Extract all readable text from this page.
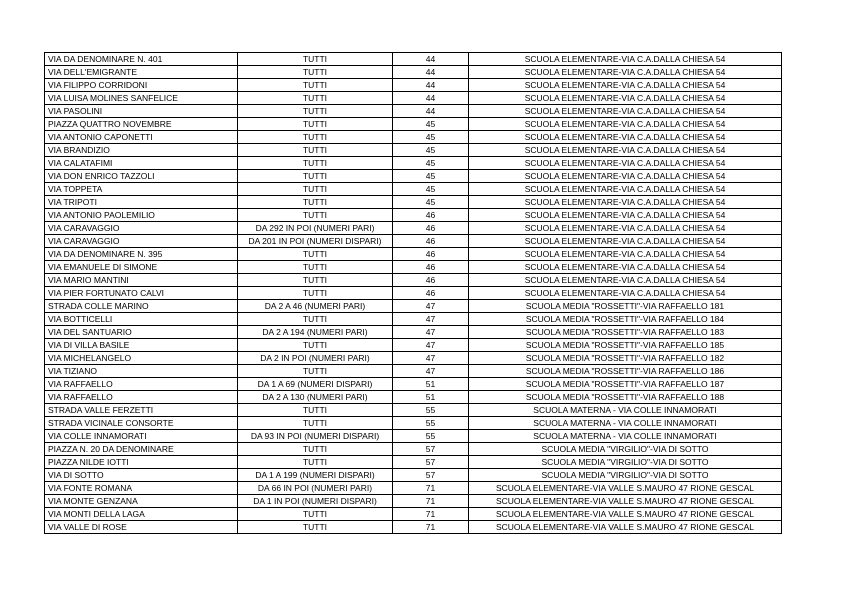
VIA DA DENOMINARE N. 401	TUTTI	44	SCUOLA ELEMENTARE-VIA C.A.DALLA CHIESA 54
VIA DELL'EMIGRANTE	TUTTI	44	SCUOLA ELEMENTARE-VIA C.A.DALLA CHIESA 54
VIA FILIPPO CORRIDONI	TUTTI	44	SCUOLA ELEMENTARE-VIA C.A.DALLA CHIESA 54
VIA LUISA MOLINES SANFELICE	TUTTI	44	SCUOLA ELEMENTARE-VIA C.A.DALLA CHIESA 54
VIA PASOLINI	TUTTI	44	SCUOLA ELEMENTARE-VIA C.A.DALLA CHIESA 54
PIAZZA QUATTRO NOVEMBRE	TUTTI	45	SCUOLA ELEMENTARE-VIA C.A.DALLA CHIESA 54
VIA ANTONIO CAPONETTI	TUTTI	45	SCUOLA ELEMENTARE-VIA C.A.DALLA CHIESA 54
VIA BRANDIZIO	TUTTI	45	SCUOLA ELEMENTARE-VIA C.A.DALLA CHIESA 54
VIA CALATAFIMI	TUTTI	45	SCUOLA ELEMENTARE-VIA C.A.DALLA CHIESA 54
VIA DON ENRICO TAZZOLI	TUTTI	45	SCUOLA ELEMENTARE-VIA C.A.DALLA CHIESA 54
VIA TOPPETA	TUTTI	45	SCUOLA ELEMENTARE-VIA C.A.DALLA CHIESA 54
VIA TRIPOTI	TUTTI	45	SCUOLA ELEMENTARE-VIA C.A.DALLA CHIESA 54
VIA ANTONIO PAOLEMILIO	TUTTI	46	SCUOLA ELEMENTARE-VIA C.A.DALLA CHIESA 54
VIA CARAVAGGIO	DA 292 IN POI (NUMERI PARI)	46	SCUOLA ELEMENTARE-VIA C.A.DALLA CHIESA 54
VIA CARAVAGGIO	DA 201 IN POI (NUMERI DISPARI)	46	SCUOLA ELEMENTARE-VIA C.A.DALLA CHIESA 54
VIA DA DENOMINARE N. 395	TUTTI	46	SCUOLA ELEMENTARE-VIA C.A.DALLA CHIESA 54
VIA EMANUELE DI SIMONE	TUTTI	46	SCUOLA ELEMENTARE-VIA C.A.DALLA CHIESA 54
VIA MARIO MANTINI	TUTTI	46	SCUOLA ELEMENTARE-VIA C.A.DALLA CHIESA 54
VIA PIER FORTUNATO CALVI	TUTTI	46	SCUOLA ELEMENTARE-VIA C.A.DALLA CHIESA 54
STRADA COLLE MARINO	DA 2 A 46 (NUMERI PARI)	47	SCUOLA MEDIA "ROSSETTI"-VIA RAFFAELLO 181
VIA BOTTICELLI	TUTTI	47	SCUOLA MEDIA "ROSSETTI"-VIA RAFFAELLO 184
VIA DEL SANTUARIO	DA 2 A 194 (NUMERI PARI)	47	SCUOLA MEDIA "ROSSETTI"-VIA RAFFAELLO 183
VIA DI VILLA BASILE	TUTTI	47	SCUOLA MEDIA "ROSSETTI"-VIA RAFFAELLO 185
VIA MICHELANGELO	DA 2 IN POI (NUMERI PARI)	47	SCUOLA MEDIA "ROSSETTI"-VIA RAFFAELLO 182
VIA TIZIANO	TUTTI	47	SCUOLA MEDIA "ROSSETTI"-VIA RAFFAELLO 186
VIA RAFFAELLO	DA 1 A 69 (NUMERI DISPARI)	51	SCUOLA MEDIA "ROSSETTI"-VIA RAFFAELLO 187
VIA RAFFAELLO	DA 2 A 130 (NUMERI PARI)	51	SCUOLA MEDIA "ROSSETTI"-VIA RAFFAELLO 188
STRADA VALLE FERZETTI	TUTTI	55	SCUOLA MATERNA - VIA COLLE INNAMORATI
STRADA VICINALE CONSORTE	TUTTI	55	SCUOLA MATERNA - VIA COLLE INNAMORATI
VIA COLLE INNAMORATI	DA 93 IN POI (NUMERI DISPARI)	55	SCUOLA MATERNA - VIA COLLE INNAMORATI
PIAZZA N. 20 DA DENOMINARE	TUTTI	57	SCUOLA MEDIA "VIRGILIO"-VIA DI SOTTO
PIAZZA NILDE IOTTI	TUTTI	57	SCUOLA MEDIA "VIRGILIO"-VIA DI SOTTO
VIA DI SOTTO	DA 1 A 199 (NUMERI DISPARI)	57	SCUOLA MEDIA "VIRGILIO"-VIA DI SOTTO
VIA FONTE ROMANA	DA 66 IN POI (NUMERI PARI)	71	SCUOLA ELEMENTARE-VIA VALLE S.MAURO 47 RIONE GESCAL
VIA MONTE GENZANA	DA 1 IN POI (NUMERI DISPARI)	71	SCUOLA ELEMENTARE-VIA VALLE S.MAURO 47 RIONE GESCAL
VIA MONTI DELLA LAGA	TUTTI	71	SCUOLA ELEMENTARE-VIA VALLE S.MAURO 47 RIONE GESCAL
VIA VALLE DI ROSE	TUTTI	71	SCUOLA ELEMENTARE-VIA VALLE S.MAURO 47 RIONE GESCAL
